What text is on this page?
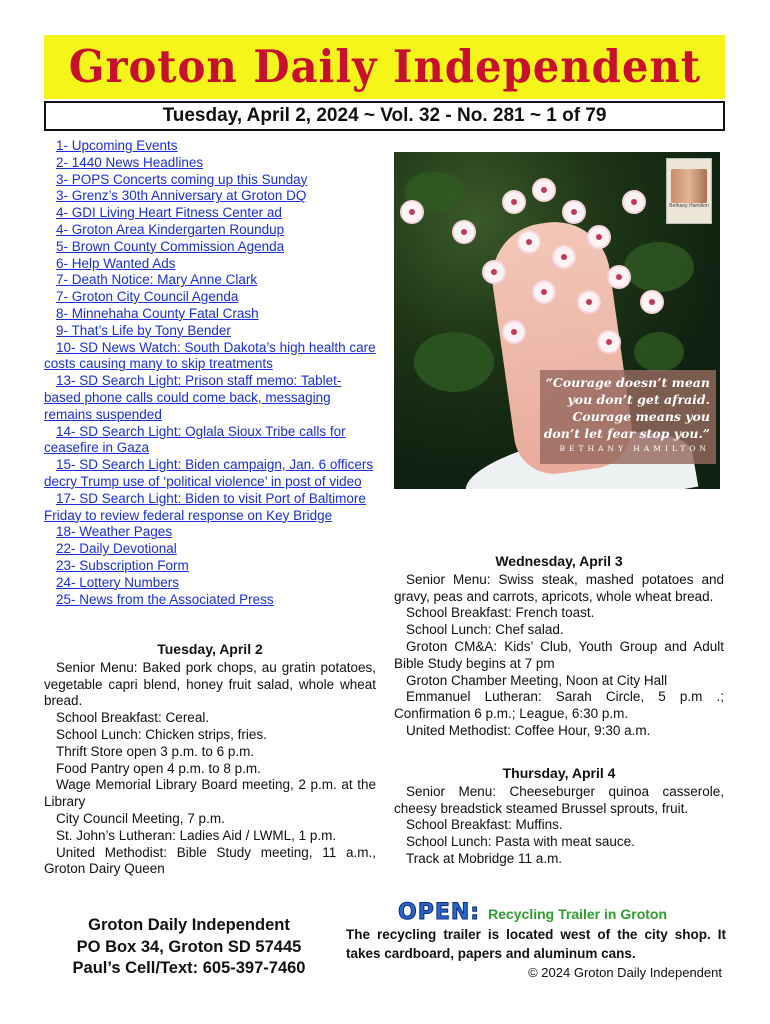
Groton Daily Independent
Tuesday, April 2, 2024 ~ Vol. 32 - No. 281 ~ 1 of 79
1- Upcoming Events
2- 1440 News Headlines
3- POPS Concerts coming up this Sunday
3- Grenz’s 30th Anniversary at Groton DQ
4- GDI Living Heart Fitness Center ad
4- Groton Area Kindergarten Roundup
5- Brown County Commission Agenda
6- Help Wanted Ads
7- Death Notice: Mary Anne Clark
7- Groton City Council Agenda
8- Minnehaha County Fatal Crash
9- That’s Life by Tony Bender
10- SD News Watch: South Dakota’s high health care costs causing many to skip treatments
13- SD Search Light: Prison staff memo: Tablet-based phone calls could come back, messaging remains suspended
14- SD Search Light: Oglala Sioux Tribe calls for ceasefire in Gaza
15- SD Search Light: Biden campaign, Jan. 6 officers decry Trump use of ‘political violence’ in post of video
17- SD Search Light: Biden to visit Port of Baltimore Friday to review federal response on Key Bridge
18- Weather Pages
22- Daily Devotional
23- Subscription Form
24- Lottery Numbers
25- News from the Associated Press
Bethany Hamilton
“Courage doesn’t mean you don’t get afraid. Courage means you don’t let fear stop you.”
BETHANY HAMILTON
Tuesday, April 2

Senior Menu: Baked pork chops, au gratin potatoes, vegetable capri blend, honey fruit salad, whole wheat bread.

School Breakfast: Cereal.

School Lunch: Chicken strips, fries.

Thrift Store open 3 p.m. to 6 p.m.

Food Pantry open 4 p.m. to 8 p.m.

Wage Memorial Library Board meeting, 2 p.m. at the Library

City Council Meeting, 7 p.m.

St. John’s Lutheran: Ladies Aid / LWML, 1 p.m.

United Methodist: Bible Study meeting, 11 a.m., Groton Dairy Queen

Wednesday, April 3

Senior Menu: Swiss steak, mashed potatoes and gravy, peas and carrots, apricots, whole wheat bread.

School Breakfast: French toast.

School Lunch: Chef salad.

Groton CM&A: Kids’ Club, Youth Group and Adult Bible Study begins at 7 pm

Groton Chamber Meeting, Noon at City Hall

Emmanuel Lutheran: Sarah Circle, 5 p.m .; Confirmation 6 p.m.; League, 6:30 p.m.

United Methodist: Coffee Hour, 9:30 a.m.

Thursday, April 4

Senior Menu: Cheeseburger quinoa casserole, cheesy breadstick steamed Brussel sprouts, fruit.

School Breakfast: Muffins.

School Lunch: Pasta with meat sauce.

Track at Mobridge 11 a.m.

Groton Daily Independent
PO Box 34, Groton SD 57445
Paul’s Cell/Text: 605-397-7460
OPEN: Recycling Trailer in Groton
The recycling trailer is located west of the city shop. It takes cardboard, papers and aluminum cans.
© 2024 Groton Daily Independent
